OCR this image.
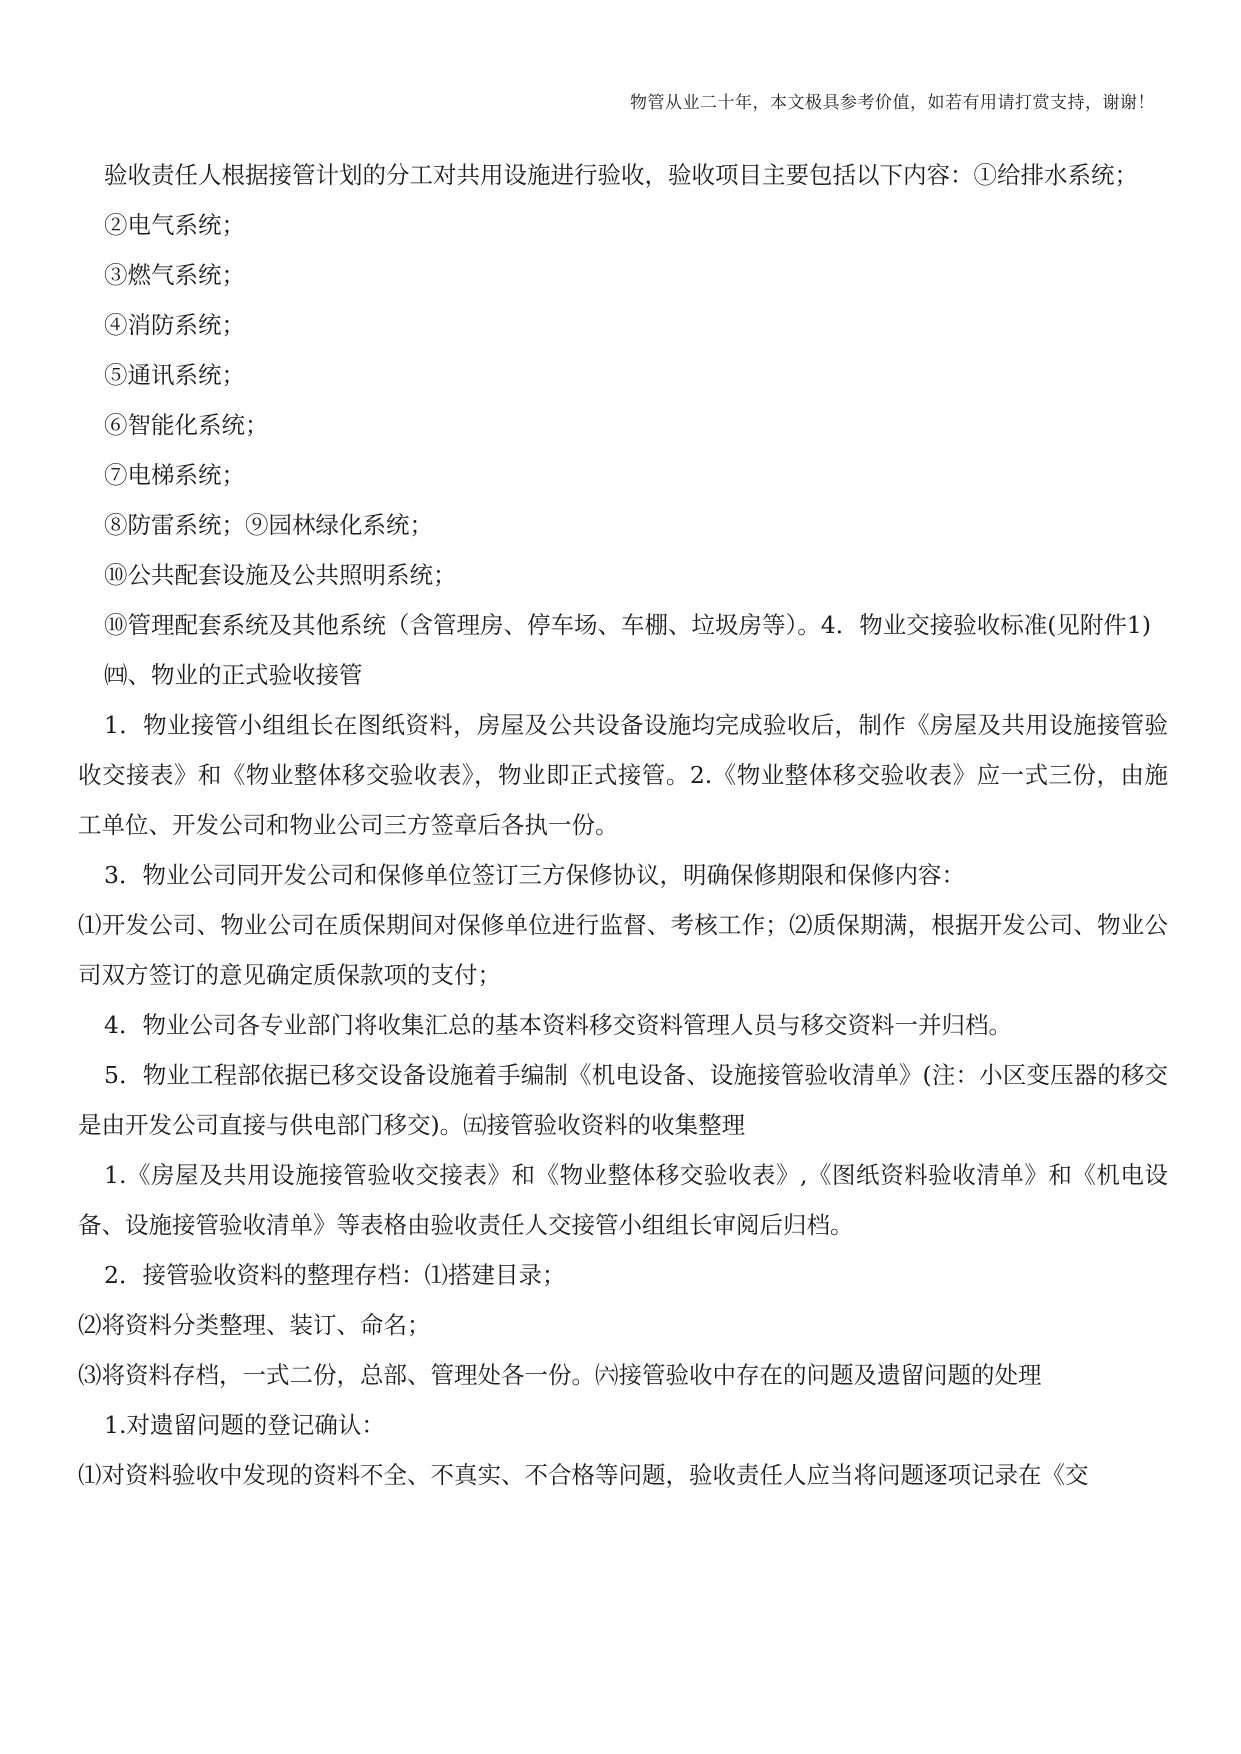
物管从业二十年，本文极具参考价值，如若有用请打赏支持，谢谢！

验收责任人根据接管计划的分工对共用设施进行验收，验收项目主要包括以下内容：①给排水系统；

②电气系统；

③燃气系统；

④消防系统；

⑤通讯系统；

⑥智能化系统；

⑦电梯系统；

⑧防雷系统；⑨园林绿化系统；

⑩公共配套设施及公共照明系统；

⑩管理配套系统及其他系统（含管理房、停车场、车棚、垃圾房等）。4．物业交接验收标准(见附件1)

㈣、物业的正式验收接管

1．物业接管小组组长在图纸资料，房屋及公共设备设施均完成验收后，制作《房屋及共用设施接管验收交接表》和《物业整体移交验收表》，物业即正式接管。2.《物业整体移交验收表》应一式三份，由施工单位、开发公司和物业公司三方签章后各执一份。

3．物业公司同开发公司和保修单位签订三方保修协议，明确保修期限和保修内容：

⑴开发公司、物业公司在质保期间对保修单位进行监督、考核工作；⑵质保期满，根据开发公司、物业公司双方签订的意见确定质保款项的支付；

4．物业公司各专业部门将收集汇总的基本资料移交资料管理人员与移交资料一并归档。

5．物业工程部依据已移交设备设施着手编制《机电设备、设施接管验收清单》(注：小区变压器的移交是由开发公司直接与供电部门移交)。㈤接管验收资料的收集整理

1.《房屋及共用设施接管验收交接表》和《物业整体移交验收表》,《图纸资料验收清单》和《机电设备、设施接管验收清单》等表格由验收责任人交接管小组组长审阅后归档。

2．接管验收资料的整理存档：⑴搭建目录；

⑵将资料分类整理、装订、命名；

⑶将资料存档，一式二份，总部、管理处各一份。㈥接管验收中存在的问题及遗留问题的处理

1.对遗留问题的登记确认：

⑴对资料验收中发现的资料不全、不真实、不合格等问题，验收责任人应当将问题逐项记录在《交
